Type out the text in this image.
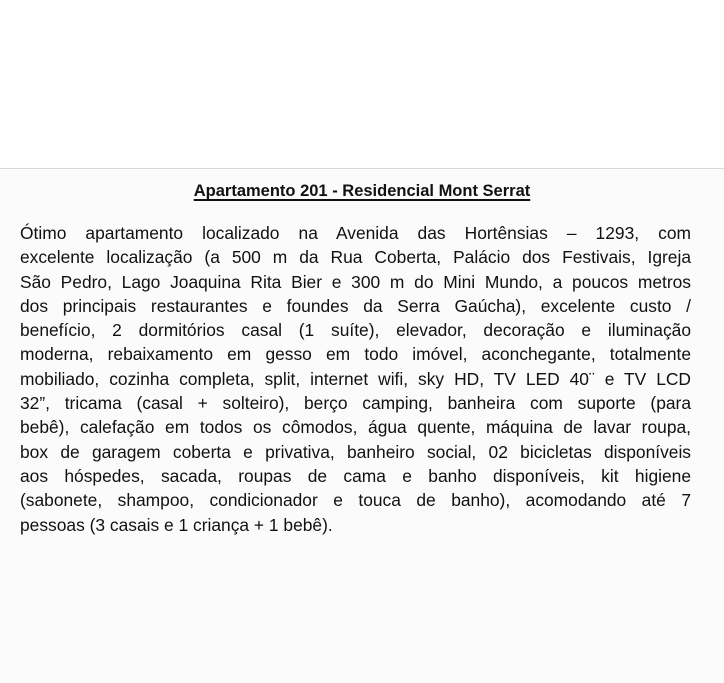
Apartamento 201 - Residencial Mont Serrat
Ótimo apartamento localizado na Avenida das Hortênsias – 1293, com
excelente localização (a 500 m da Rua Coberta, Palácio dos Festivais, Igreja
São Pedro, Lago Joaquina Rita Bier e 300 m do Mini Mundo, a poucos metros
dos principais restaurantes e foundes da Serra Gaúcha), excelente custo /
benefício, 2 dormitórios casal (1 suíte), elevador, decoração e iluminação
moderna, rebaixamento em gesso em todo imóvel, aconchegante, totalmente
mobiliado, cozinha completa, split, internet wifi, sky HD, TV LED 40¨ e TV LCD
32”, tricama (casal + solteiro), berço camping, banheira com suporte (para
bebê), calefação em todos os cômodos, água quente, máquina de lavar roupa,
box de garagem coberta e privativa, banheiro social, 02 bicicletas disponíveis
aos hóspedes, sacada, roupas de cama e banho disponíveis, kit higiene
(sabonete, shampoo, condicionador e touca de banho), acomodando até 7
pessoas (3 casais e 1 criança + 1 bebê).
